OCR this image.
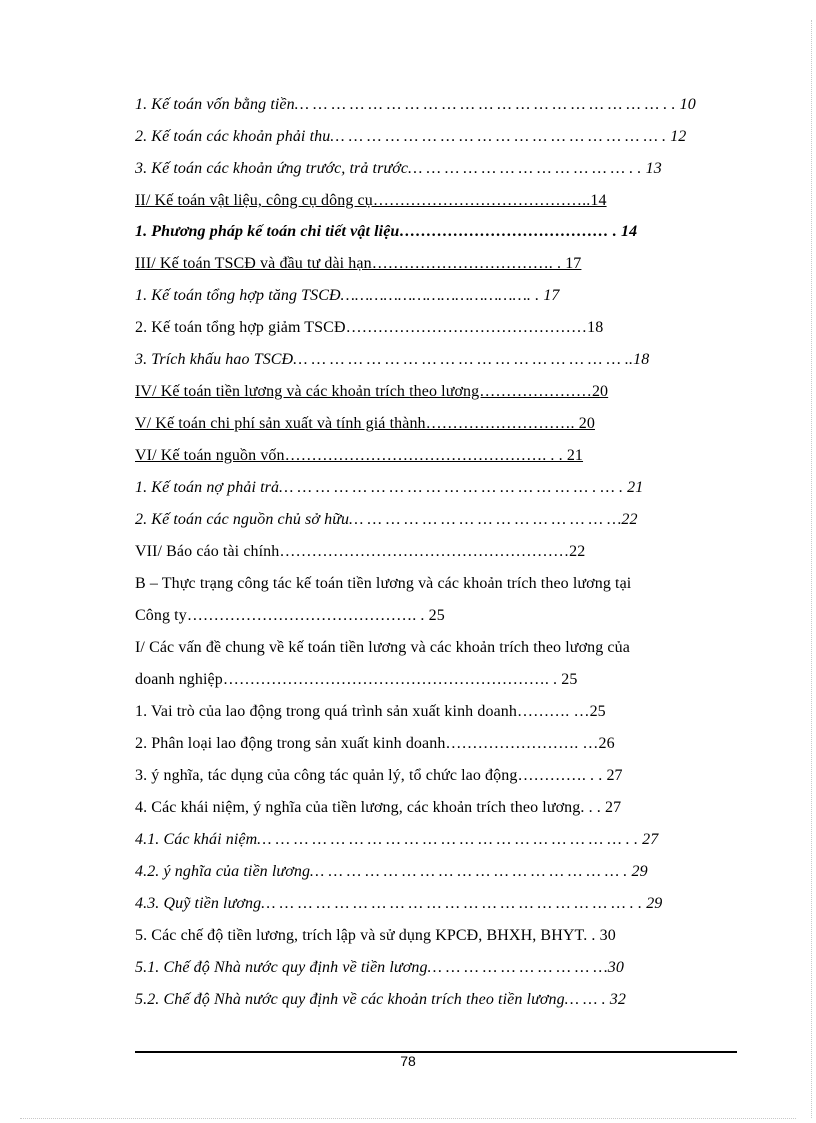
1. Kế toán vốn bằng tiền… … … … … … … … … … … … … … … … … … … … . . 10
2. Kế toán các khoản phải thu… … … … … … … … … … … … … … … … … … . 12
3. Kế toán các khoản ứng trước, trả trước… … … … … … … … … … … … . . 13
II/ Kế toán vật liệu, công cụ dông cụ…………………………………..14
1. Phương pháp kế toán chi tiết vật liệu………………………………… . 14
III/ Kế toán TSCĐ và đầu tư dài hạn……………………………. . 17
1. Kế toán tổng hợp tăng TSCĐ…………………………………. . 17
2. Kế toán tổng hợp giảm TSCĐ………………………………………18
3. Trích khấu hao TSCĐ… … … … … … … … … … … … … … … … … … ..18
IV/ Kế toán tiền lương và các khoản trích theo lương…………………20
V/ Kế toán chi phí sản xuất và tính giá thành………………………. 20
VI/ Kế toán nguồn vốn…………………………………………. . . 21
1. Kế toán nợ phải trả… … … … … … … … … … … … … … … … … . … . 21
2. Kế toán các nguồn chủ sở hữu… … … … … … … … … … … … … … …22
VII/ Báo cáo tài chính………………………………………………22
B – Thực trạng công tác kế toán tiền lương và các khoản trích theo lương tại
Công ty……………………………………. . 25
I/ Các vấn đề chung về kế toán tiền lương và các khoản trích theo lương của
doanh nghiệp……………………………………………………. . 25
1. Vai trò của lao động trong quá trình sản xuất kinh doanh………. …25
2. Phân loại lao động trong sản xuất kinh doanh……………………. …26
3. ý nghĩa, tác dụng của công tác quản lý, tổ chức lao động…………. . . 27
4. Các khái niệm, ý nghĩa của tiền lương, các khoản trích theo lương. . . 27
4.1. Các khái niệm… … … … … … … … … … … … … … … … … … … … . . 27
4.2. ý nghĩa của tiền lương… … … … … … … … … … … … … … … … … . 29
4.3. Quỹ tiền lương… … … … … … … … … … … … … … … … … … … … . . 29
5. Các chế độ tiền lương, trích lập và sử dụng KPCĐ, BHXH, BHYT. . 30
5.1. Chế độ Nhà nước quy định về tiền lương… … … … … … … … … …30
5.2. Chế độ Nhà nước quy định về các khoản trích theo tiền lương… … . 32
78
